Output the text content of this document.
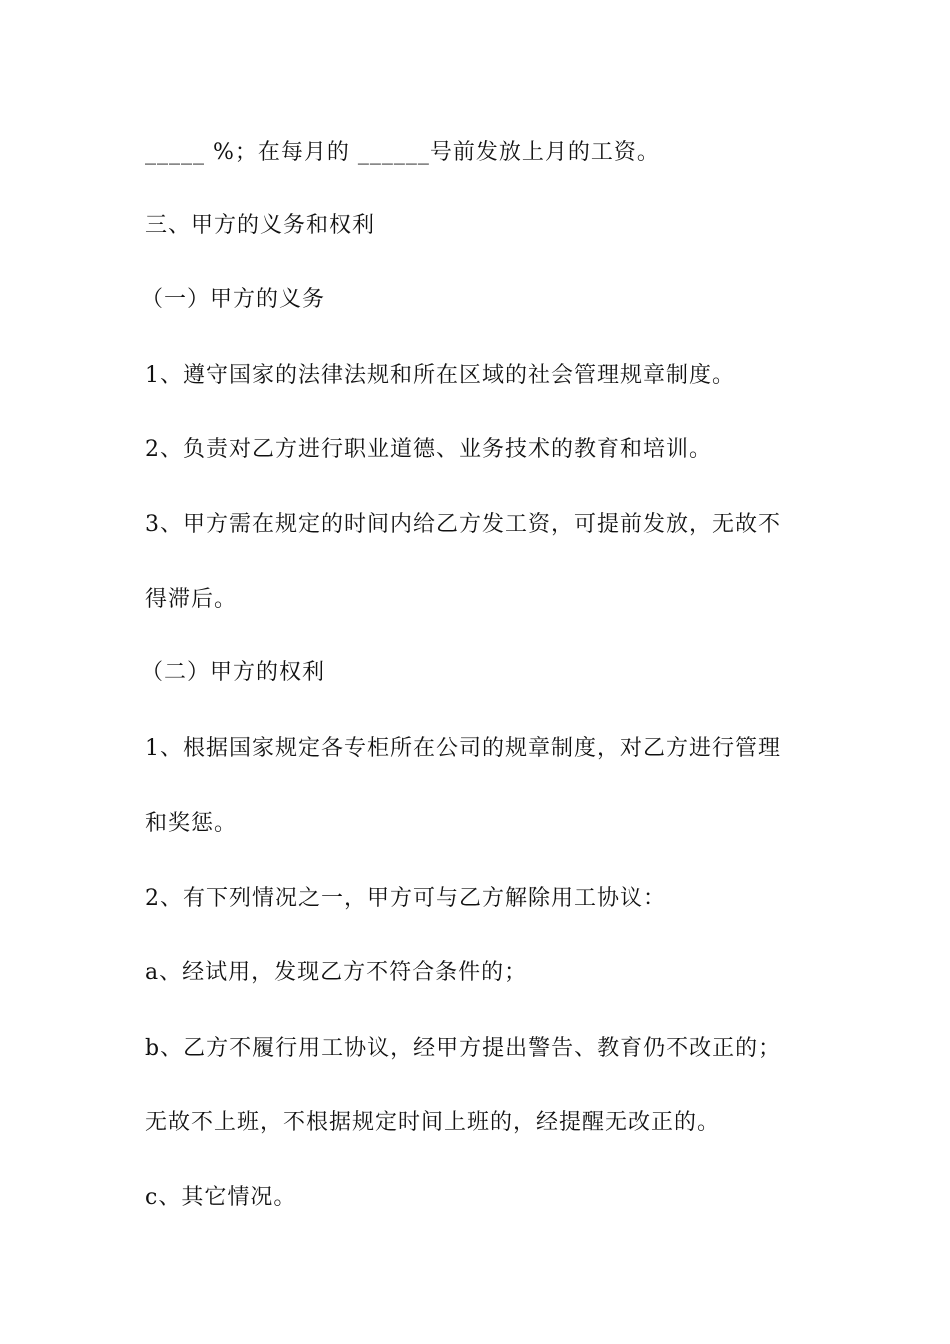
_____ %；在每月的 ______号前发放上月的工资。
三、甲方的义务和权利
（一）甲方的义务
1、遵守国家的法律法规和所在区域的社会管理规章制度。
2、负责对乙方进行职业道德、业务技术的教育和培训。
3、甲方需在规定的时间内给乙方发工资，可提前发放，无故不
得滞后。
（二）甲方的权利
1、根据国家规定各专柜所在公司的规章制度，对乙方进行管理
和奖惩。
2、有下列情况之一，甲方可与乙方解除用工协议：
a、经试用，发现乙方不符合条件的；
b、乙方不履行用工协议，经甲方提出警告、教育仍不改正的；
无故不上班，不根据规定时间上班的，经提醒无改正的。
c、其它情况。
